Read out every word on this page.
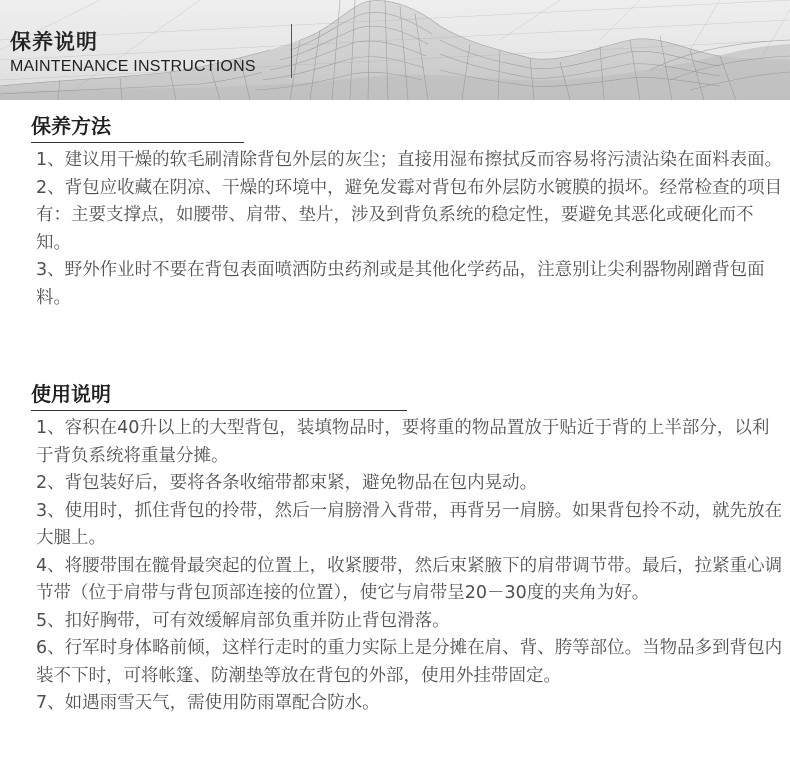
保养说明
MAINTENANCE INSTRUCTIONS
保养方法
1、建议用干燥的软毛刷清除背包外层的灰尘；直接用湿布擦拭反而容易将污渍沾染在面料表面。
2、背包应收藏在阴凉、干燥的环境中，避免发霉对背包布外层防水镀膜的损坏。经常检查的项目有：主要支撑点，如腰带、肩带、垫片，涉及到背负系统的稳定性，要避免其恶化或硬化而不知。
3、野外作业时不要在背包表面喷洒防虫药剂或是其他化学药品，注意别让尖利器物剐蹭背包面料。
使用说明
1、容积在40升以上的大型背包，装填物品时，要将重的物品置放于贴近于背的上半部分，以利于背负系统将重量分摊。
2、背包装好后，要将各条收缩带都束紧，避免物品在包内晃动。
3、使用时，抓住背包的拎带，然后一肩膀滑入背带，再背另一肩膀。如果背包拎不动，就先放在大腿上。
4、将腰带围在髋骨最突起的位置上，收紧腰带，然后束紧腋下的肩带调节带。最后，拉紧重心调节带（位于肩带与背包顶部连接的位置），使它与肩带呈20－30度的夹角为好。
5、扣好胸带，可有效缓解肩部负重并防止背包滑落。
6、行军时身体略前倾，这样行走时的重力实际上是分摊在肩、背、胯等部位。当物品多到背包内装不下时，可将帐篷、防潮垫等放在背包的外部，使用外挂带固定。
7、如遇雨雪天气，需使用防雨罩配合防水。
